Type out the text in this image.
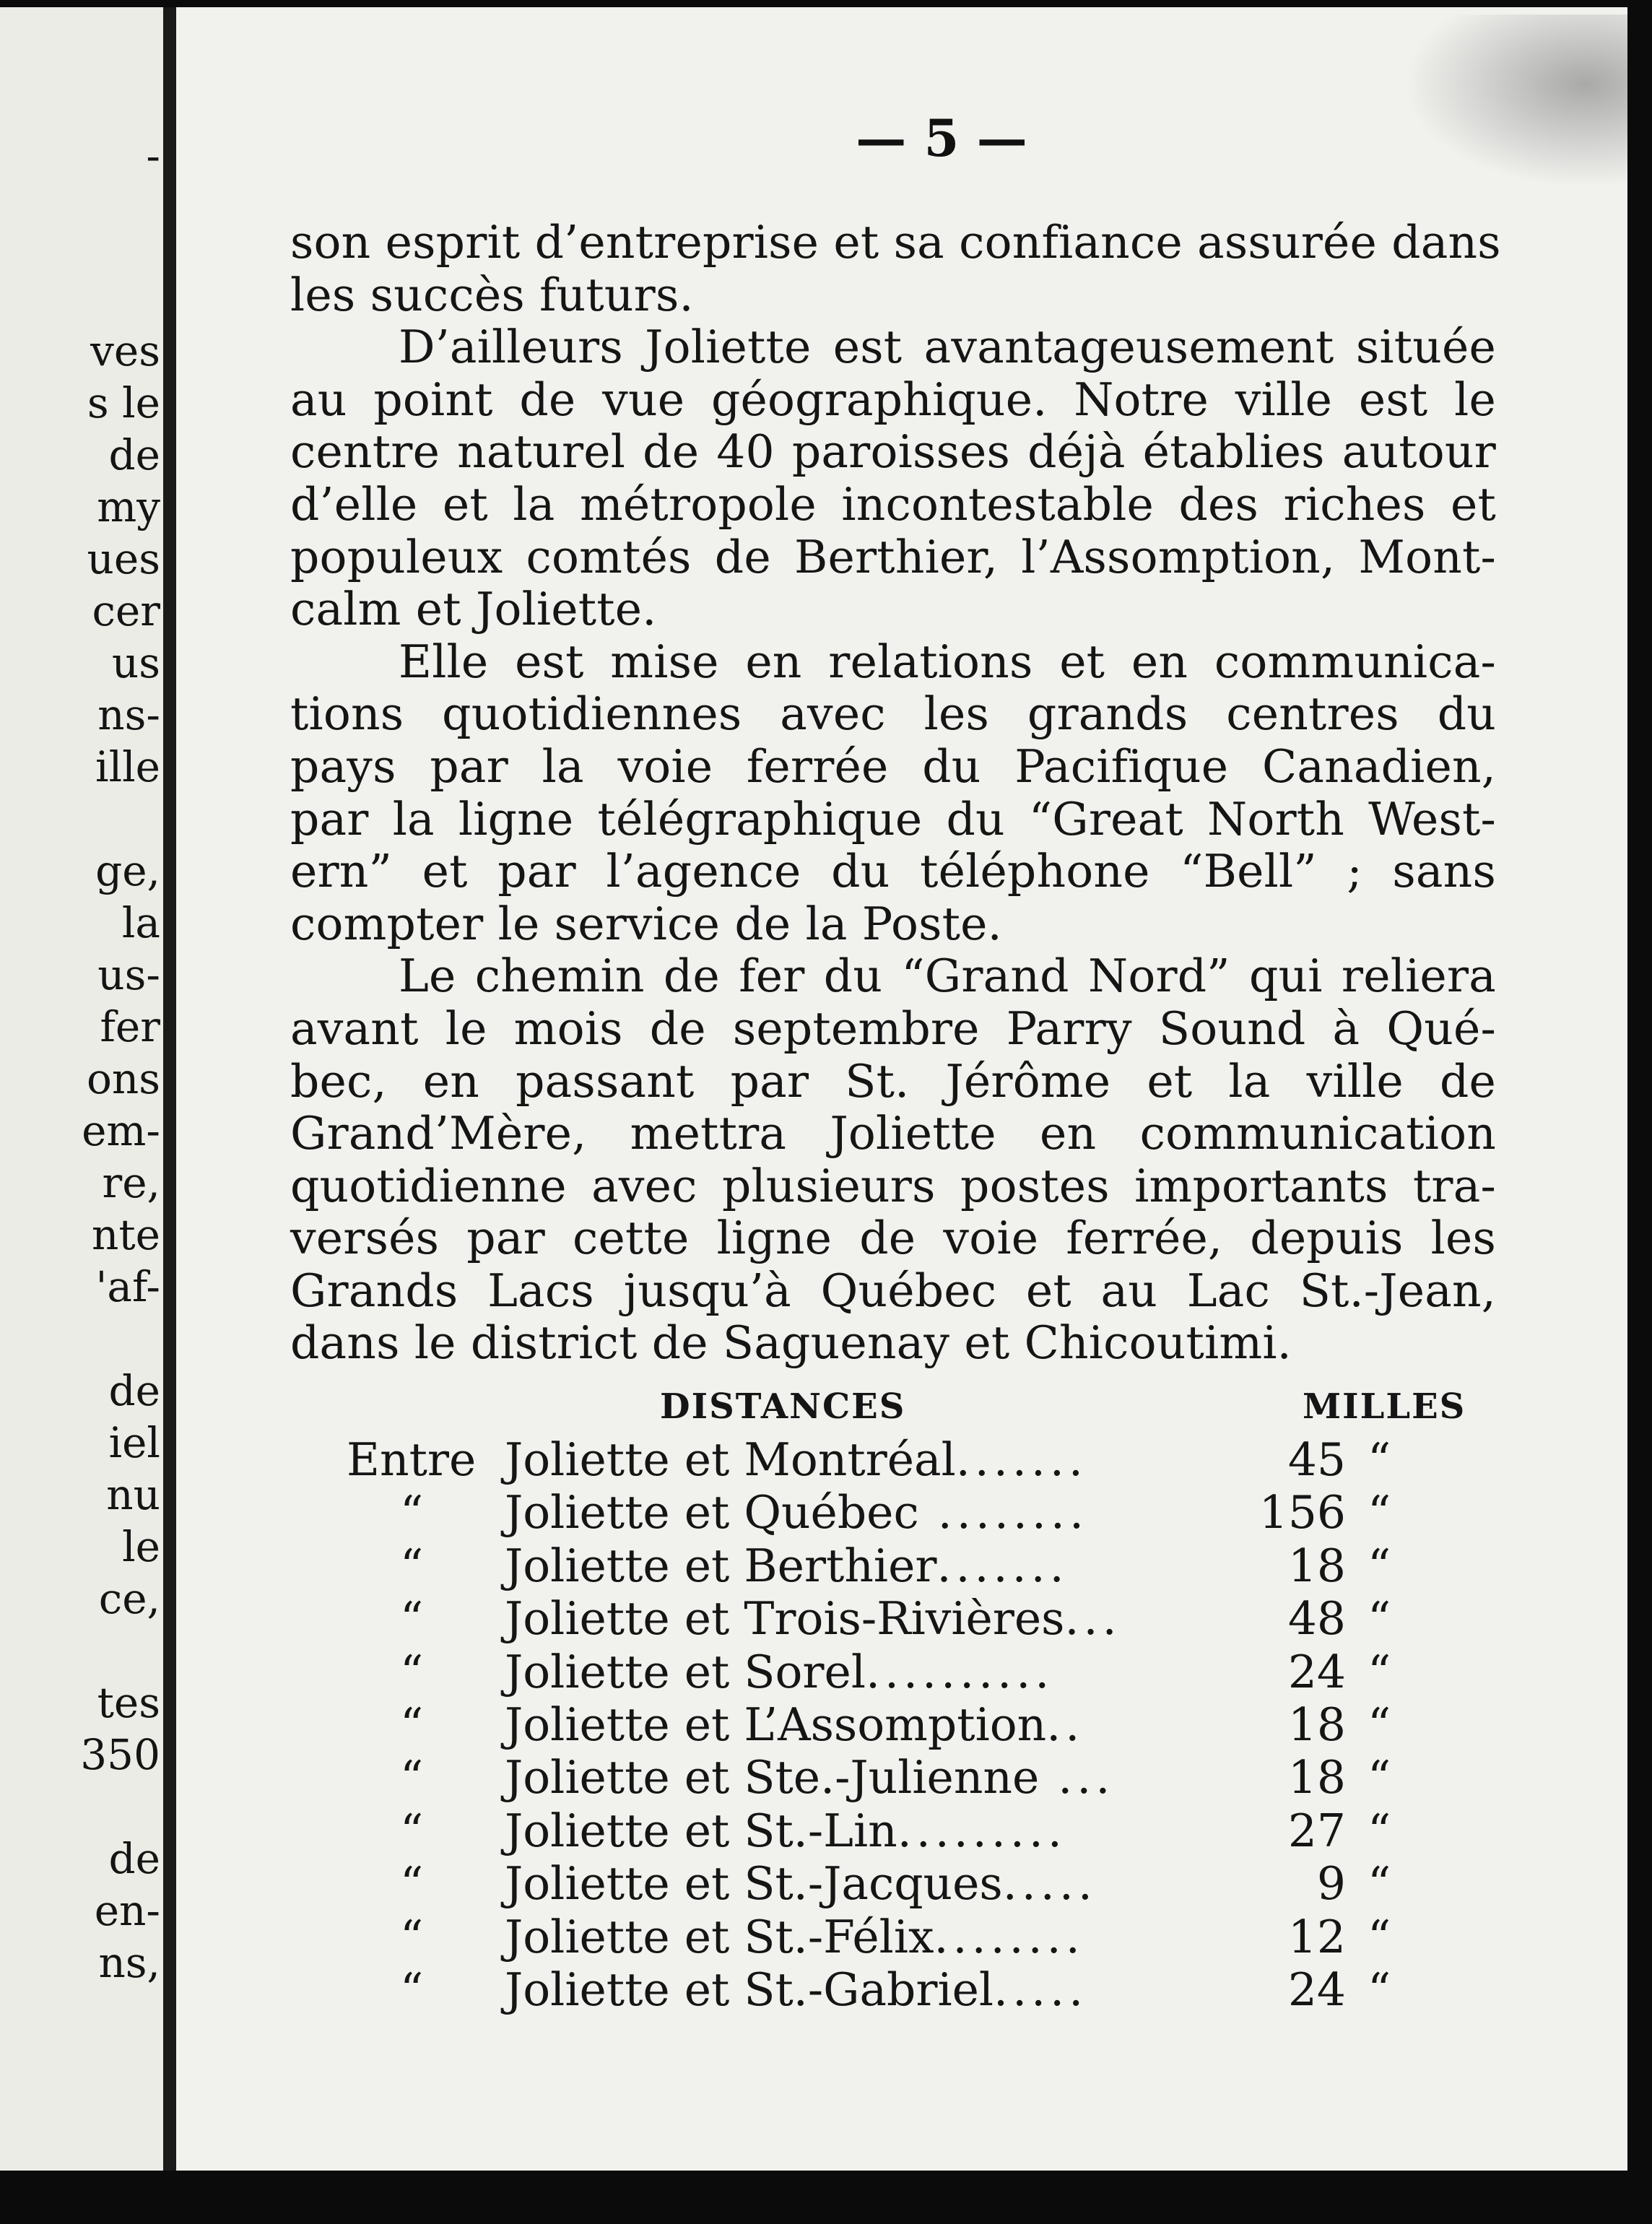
-

ves

s le

de

my

ues

cer

us

ns-

ille

ge,

la

us-

fer

ons

em-

re,

nte

'af-

de

iel

nu

le

ce,

tes

350

de

en-

ns,

— 5 —

son esprit d’entreprise et sa confiance assurée dans
les succès futurs.
D’ailleurs Joliette est avantageusement située
au point de vue géographique. Notre ville est le
centre naturel de 40 paroisses déjà établies autour
d’elle et la métropole incontestable des riches et
populeux comtés de Berthier, l’Assomption, Mont-
calm et Joliette.
Elle est mise en relations et en communica-
tions quotidiennes avec les grands centres du
pays par la voie ferrée du Pacifique Canadien,
par la ligne télégraphique du “Great North West-
ern” et par l’agence du téléphone “Bell” ; sans
compter le service de la Poste.
Le chemin de fer du “Grand Nord” qui reliera
avant le mois de septembre Parry Sound à Qué-
bec, en passant par St. Jérôme et la ville de
Grand’Mère, mettra Joliette en communication
quotidienne avec plusieurs postes importants tra-
versés par cette ligne de voie ferrée, depuis les
Grands Lacs jusqu’à Québec et au Lac St.-Jean,
dans le district de Saguenay et Chicoutimi.
DISTANCES	MILLES
Entre Joliette et Montréal.......	45 “
“ Joliette et Québec ........	156 “
“ Joliette et Berthier.......	18 “
“ Joliette et Trois-Rivières...	48 “
“ Joliette et Sorel..........	24 “
“ Joliette et L’Assomption..	18 “
“ Joliette et Ste.-Julienne ...	18 “
“ Joliette et St.-Lin.........	27 “
“ Joliette et St.-Jacques.....	9 “
“ Joliette et St.-Félix........	12 “
“ Joliette et St.-Gabriel.....	24 “
